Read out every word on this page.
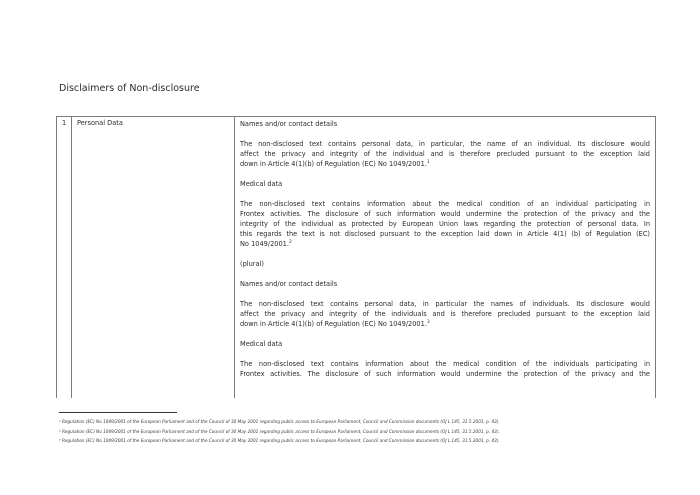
Disclaimers of Non-disclosure
1 Personal Data	Names and/or contact details
The non-disclosed text contains personal data, in particular, the name of an individual. Its disclosure would
affect the privacy and integrity of the individual and is therefore precluded pursuant to the exception laid
down in Article 4(1)(b) of Regulation (EC) No 1049/2001.$^1$
Medical data
The non-disclosed text contains information about the medical condition of an individual participating in
Frontex activities. The disclosure of such information would undermine the protection of the privacy and the
integrity of the individual as protected by European Union laws regarding the protection of personal data. In
this regards the text is not disclosed pursuant to the exception laid down in Article 4(1) (b) of Regulation (EC)
No 1049/2001.$^2$
(plural)
Names and/or contact details
The non-disclosed text contains personal data, in particular the names of individuals. Its disclosure would
affect the privacy and integrity of the individuals and is therefore precluded pursuant to the exception laid
down in Article 4(1)(b) of Regulation (EC) No 1049/2001.$^3$
Medical data
The non-disclosed text contains information about the medical condition of the individuals participating in
Frontex activities. The disclosure of such information would undermine the protection of the privacy and the
¹ Regulation (EC) No 1049/2001 of the European Parliament and of the Council of 30 May 2001 regarding public access to European Parliament, Council and Commission documents (OJ L 145, 31.5.2001, p. 43).
² Regulation (EC) No 1049/2001 of the European Parliament and of the Council of 30 May 2001 regarding public access to European Parliament, Council and Commission documents (OJ L 145, 31.5.2001, p. 43).
³ Regulation (EC) No 1049/2001 of the European Parliament and of the Council of 30 May 2001 regarding public access to European Parliament, Council and Commission documents (OJ L 145, 31.5.2001, p. 43).
